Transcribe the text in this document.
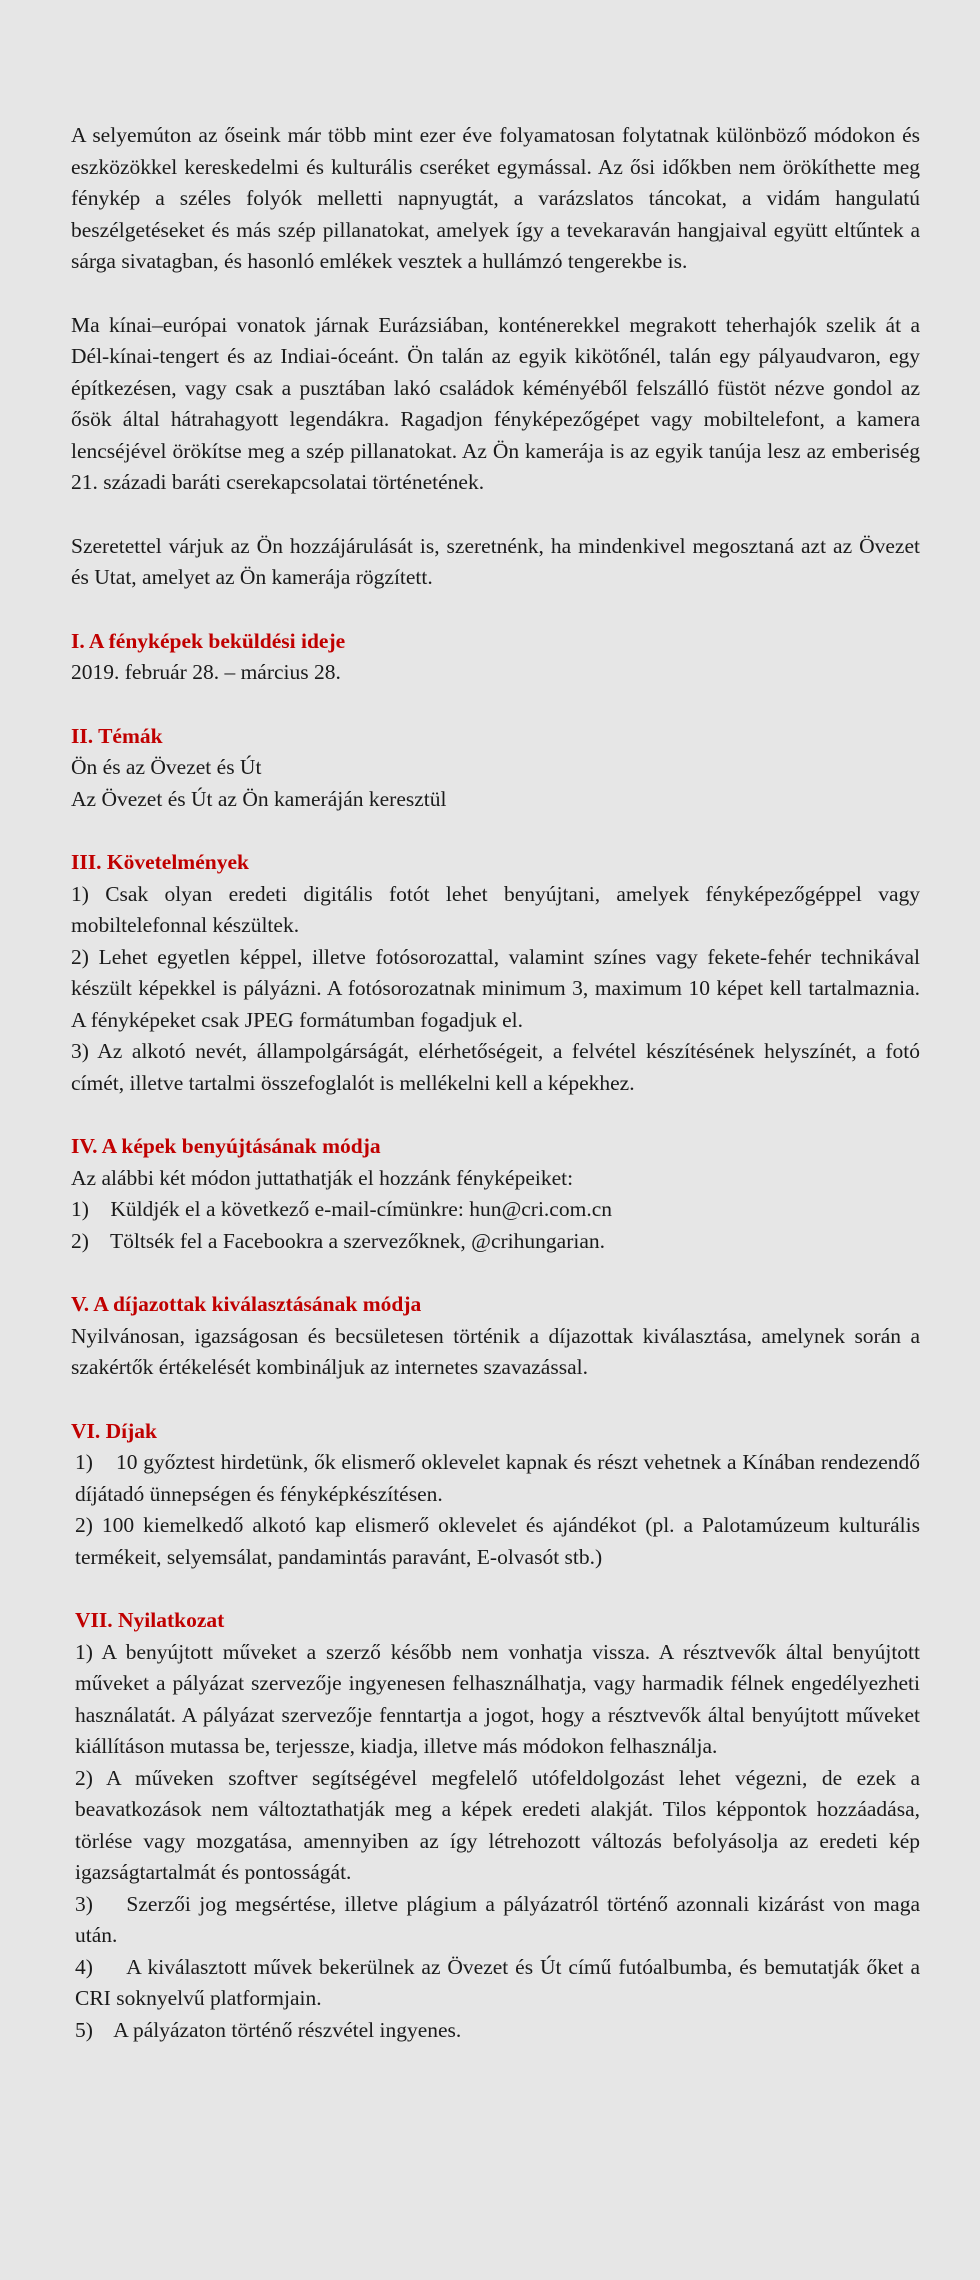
A selyemúton az őseink már több mint ezer éve folyamatosan folytatnak különböző módokon és eszközökkel kereskedelmi és kulturális cseréket egymással. Az ősi időkben nem örökíthette meg fénykép a széles folyók melletti napnyugtát, a varázslatos táncokat, a vidám hangulatú beszélgetéseket és más szép pillanatokat, amelyek így a tevekaraván hangjaival együtt eltűntek a sárga sivatagban, és hasonló emlékek vesztek a hullámzó tengerekbe is.

Ma kínai–európai vonatok járnak Eurázsiában, konténerekkel megrakott teherhajók szelik át a Dél-kínai-tengert és az Indiai-óceánt. Ön talán az egyik kikötőnél, talán egy pályaudvaron, egy építkezésen, vagy csak a pusztában lakó családok kéményéből felszálló füstöt nézve gondol az ősök által hátrahagyott legendákra. Ragadjon fényképezőgépet vagy mobiltelefont, a kamera lencséjével örökítse meg a szép pillanatokat. Az Ön kamerája is az egyik tanúja lesz az emberiség 21. századi baráti cserekapcsolatai történetének.

Szeretettel várjuk az Ön hozzájárulását is, szeretnénk, ha mindenkivel megosztaná azt az Övezet és Utat, amelyet az Ön kamerája rögzített.

I. A fényképek beküldési ideje

2019. február 28. – március 28.

II. Témák

Ön és az Övezet és Út

Az Övezet és Út az Ön kameráján keresztül

III. Követelmények

1) Csak olyan eredeti digitális fotót lehet benyújtani, amelyek fényképezőgéppel vagy mobiltelefonnal készültek.

2) Lehet egyetlen képpel, illetve fotósorozattal, valamint színes vagy fekete-fehér technikával készült képekkel is pályázni. A fotósorozatnak minimum 3, maximum 10 képet kell tartalmaznia. A fényképeket csak JPEG formátumban fogadjuk el.

3) Az alkotó nevét, állampolgárságát, elérhetőségeit, a felvétel készítésének helyszínét, a fotó címét, illetve tartalmi összefoglalót is mellékelni kell a képekhez.

IV. A képek benyújtásának módja

Az alábbi két módon juttathatják el hozzánk fényképeiket:

1)    Küldjék el a következő e-mail-címünkre: hun@cri.com.cn

2)    Töltsék fel a Facebookra a szervezőknek, @crihungarian.

V. A díjazottak kiválasztásának módja

Nyilvánosan, igazságosan és becsületesen történik a díjazottak kiválasztása, amelynek során a szakértők értékelését kombináljuk az internetes szavazással.

VI. Díjak

1)    10 győztest hirdetünk, ők elismerő oklevelet kapnak és részt vehetnek a Kínában rendezendő díjátadó ünnepségen és fényképkészítésen.

2) 100 kiemelkedő alkotó kap elismerő oklevelet és ajándékot (pl. a Palotamúzeum kulturális termékeit, selyemsálat, pandamintás paravánt, E-olvasót stb.)

VII. Nyilatkozat

1) A benyújtott műveket a szerző később nem vonhatja vissza. A résztvevők által benyújtott műveket a pályázat szervezője ingyenesen felhasználhatja, vagy harmadik félnek engedélyezheti használatát. A pályázat szervezője fenntartja a jogot, hogy a résztvevők által benyújtott műveket kiállításon mutassa be, terjessze, kiadja, illetve más módokon felhasználja.

2) A műveken szoftver segítségével megfelelő utófeldolgozást lehet végezni, de ezek a beavatkozások nem változtathatják meg a képek eredeti alakját. Tilos képpontok hozzáadása, törlése vagy mozgatása, amennyiben az így létrehozott változás befolyásolja az eredeti kép igazságtartalmát és pontosságát.

3)    Szerzői jog megsértése, illetve plágium a pályázatról történő azonnali kizárást von maga után.

4)     A kiválasztott művek bekerülnek az Övezet és Út című futóalbumba, és bemutatják őket a CRI soknyelvű platformjain.

5)    A pályázaton történő részvétel ingyenes.
